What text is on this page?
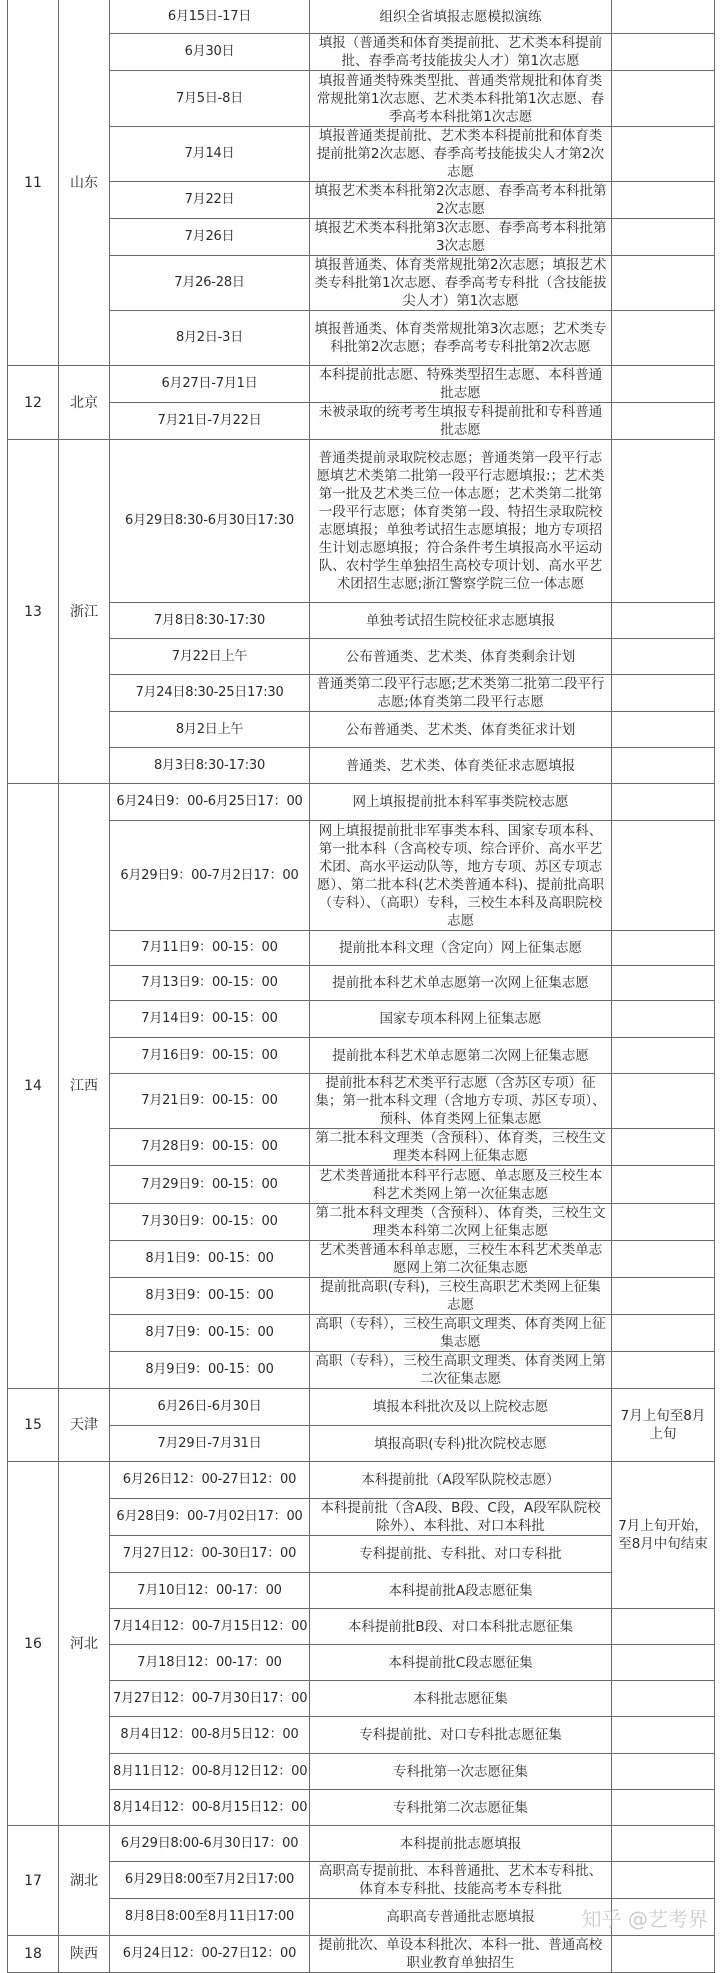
11	山东	6月15日-17日	组织全省填报志愿模拟演练	
		6月30日	填报（普通类和体育类提前批、艺术类本科提前批、春季高考技能拔尖人才）第1次志愿	
		7月5日-8日	填报普通类特殊类型批、普通类常规批和体育类常规批第1次志愿、艺术类本科批第1次志愿、春季高考本科批第1次志愿	
		7月14日	填报普通类提前批、艺术类本科提前批和体育类提前批第2次志愿、春季高考技能拔尖人才第2次志愿	
		7月22日	填报艺术类本科批第2次志愿、春季高考本科批第2次志愿	
		7月26日	填报艺术类本科批第3次志愿、春季高考本科批第3次志愿	
		7月26-28日	填报普通类、体育类常规批第2次志愿；填报艺术类专科批第1次志愿、春季高考专科批（含技能拔尖人才）第1次志愿	
		8月2日-3日	填报普通类、体育类常规批第3次志愿；艺术类专科批第2次志愿；春季高考专科批第2次志愿	
12	北京	6月27日-7月1日	本科提前批志愿、特殊类型招生志愿、本科普通批志愿	
		7月21日-7月22日	未被录取的统考考生填报专科提前批和专科普通批志愿	
13	浙江	6月29日8:30-6月30日17:30	普通类提前录取院校志愿；普通类第一段平行志愿填艺术类第二批第一段平行志愿填报:；艺术类第一批及艺术类三位一体志愿；艺术类第二批第一段平行志愿；体育类第一段、特招生录取院校志愿填报；单独考试招生志愿填报；地方专项招生计划志愿填报；符合条件考生填报高水平运动队、农村学生单独招生高校专项计划、高水平艺术团招生志愿;浙江警察学院三位一体志愿	
		7月8日8:30-17:30	单独考试招生院校征求志愿填报	
		7月22日上午	公布普通类、艺术类、体育类剩余计划	
		7月24日8:30-25日17:30	普通类第二段平行志愿;艺术类第二批第二段平行志愿;体育类第二段平行志愿	
		8月2日上午	公布普通类、艺术类、体育类征求计划	
		8月3日8:30-17:30	普通类、艺术类、体育类征求志愿填报	
14	江西	6月24日9：00-6月25日17：00	网上填报提前批本科军事类院校志愿	
		6月29日9：00-7月2日17：00	网上填报提前批非军事类本科、国家专项本科、第一批本科（含高校专项、综合评价、高水平艺术团、高水平运动队等，地方专项、苏区专项志愿）、第二批本科(艺术类普通本科)、提前批高职（专科）、（高职）专科，三校生本科及高职院校志愿	
		7月11日9：00-15：00	提前批本科文理（含定向）网上征集志愿	
		7月13日9：00-15：00	提前批本科艺术单志愿第一次网上征集志愿	
		7月14日9：00-15：00	国家专项本科网上征集志愿	
		7月16日9：00-15：00	提前批本科艺术单志愿第二次网上征集志愿	
		7月21日9：00-15：00	提前批本科艺术类平行志愿（含苏区专项）征集；第一批本科文理（含地方专项、苏区专项）、预科、体育类网上征集志愿	
		7月28日9：00-15：00	第二批本科文理类（含预科）、体育类，三校生文理类本科网上征集志愿	
		7月29日9：00-15：00	艺术类普通批本科平行志愿、单志愿及三校生本科艺术类网上第一次征集志愿	
		7月30日9：00-15：00	第二批本科文理类（含预科）、体育类，三校生文理类本科第二次网上征集志愿	
		8月1日9：00-15：00	艺术类普通本科单志愿，三校生本科艺术类单志愿网上第二次征集志愿	
		8月3日9：00-15：00	提前批高职(专科)，三校生高职艺术类网上征集志愿	
		8月7日9：00-15：00	高职（专科），三校生高职文理类、体育类网上征集志愿	
		8月9日9：00-15：00	高职（专科），三校生高职文理类、体育类网上第二次征集志愿	
15	天津	6月26日-6月30日	填报本科批次及以上院校志愿	7月上旬至8月上旬
		7月29日-7月31日	填报高职(专科)批次院校志愿	
16	河北	6月26日12：00-27日12：00	本科提前批（A段军队院校志愿）	7月上旬开始，至8月中旬结束
		6月28日9：00-7月02日17：00	本科提前批（含A段、B段、C段，A段军队院校除外）、本科批、对口本科批	
		7月27日12：00-30日17：00	专科提前批、专科批、对口专科批	
		7月10日12：00-17：00	本科提前批A段志愿征集	
		7月14日12：00-7月15日12：00	本科提前批B段、对口本科批志愿征集	
		7月18日12：00-17：00	本科提前批C段志愿征集	
		7月27日12：00-7月30日17：00	本科批志愿征集	
		8月4日12：00-8月5日12：00	专科提前批、对口专科批志愿征集	
		8月11日12：00-8月12日12：00	专科批第一次志愿征集	
		8月14日12：00-8月15日12：00	专科批第二次志愿征集	
17	湖北	6月29日8:00-6月30日17：00	本科提前批志愿填报	
		6月29日8:00至7月2日17:00	高职高专提前批、本科普通批、艺术本专科批、体育本专科批、技能高考本专科批	
		8月8日8:00至8月11日17:00	高职高专普通批志愿填报	
18	陕西	6月24日12：00-27日12：00	提前批次、单设本科批次、本科一批、普通高校职业教育单独招生	
知乎 @艺考界
